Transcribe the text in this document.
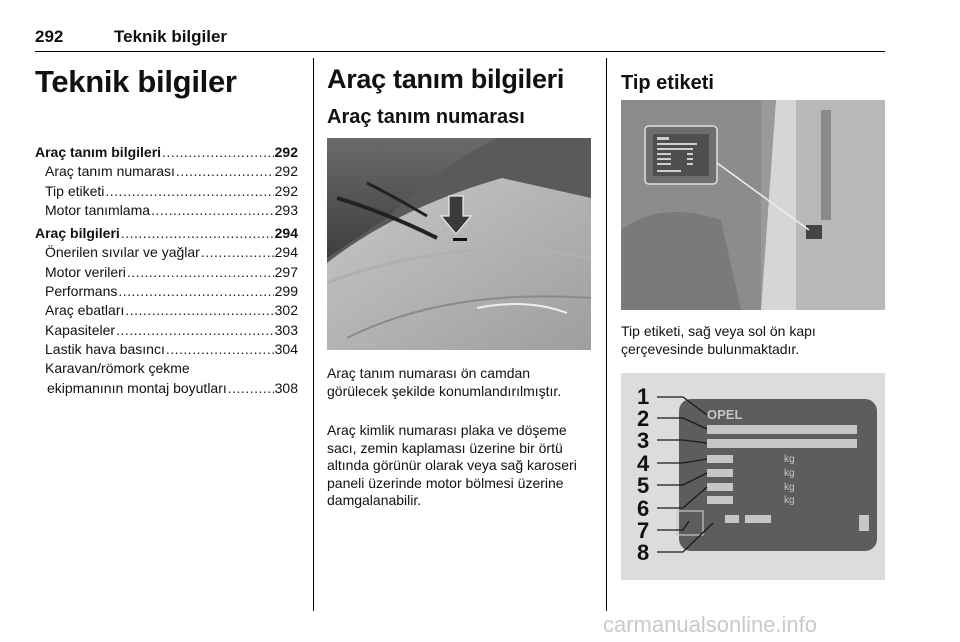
292	Teknik bilgiler
Teknik bilgiler
Araç tanım bilgileri .....	292
Araç tanım numarası .....	292
Tip etiketi .....	292
Motor tanımlama .....	293
Araç bilgileri .....	294
Önerilen sıvılar ve yağlar .....	294
Motor verileri .....	297
Performans .....	299
Araç ebatları .....	302
Kapasiteler .....	303
Lastik hava basıncı .....	304
Karavan/römork çekme
ekipmanının montaj boyutları .....	308
Araç tanım bilgileri
Araç tanım numarası
Araç tanım numarası ön camdan görülecek şekilde konumlandırılmıştır.
Araç kimlik numarası plaka ve döşeme sacı, zemin kaplaması üzerine bir örtü altında görünür olarak veya sağ karoseri paneli üzerinde motor bölmesi üzerine damgalanabilir.
Tip etiketi
Tip etiketi, sağ veya sol ön kapı çerçevesinde bulunmaktadır.
OPEL
kg
kg
kg
kg
1
2
3
4
5
6
7
8
carmanualsonline.info
